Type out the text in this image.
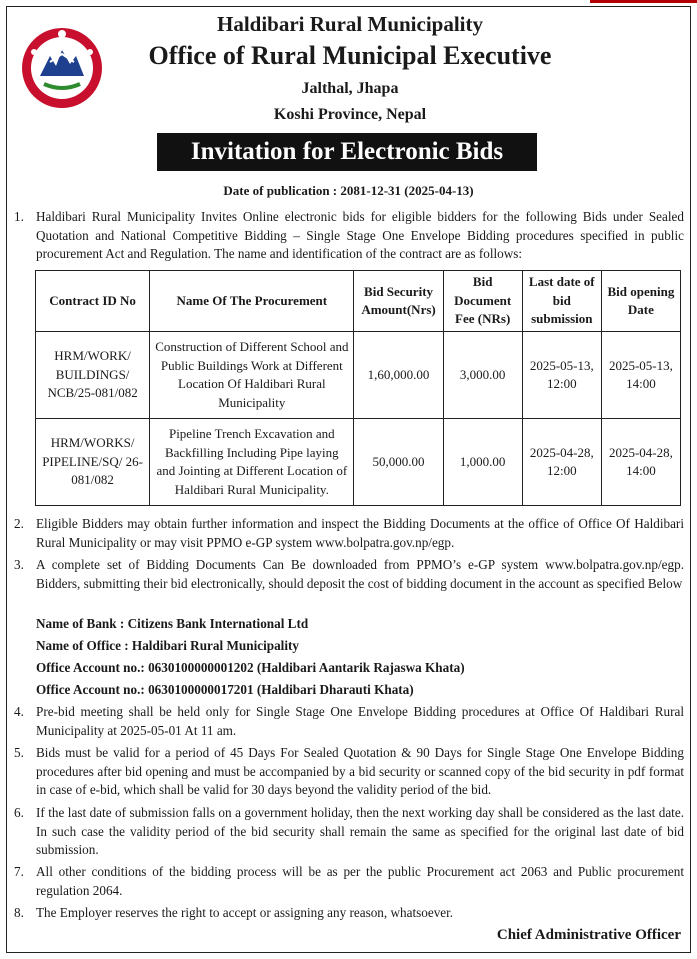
Haldibari Rural Municipality
Office of Rural Municipal Executive
Jalthal, Jhapa
Koshi Province, Nepal
Invitation for Electronic Bids
Date of publication : 2081-12-31 (2025-04-13)
1. Haldibari Rural Municipality Invites Online electronic bids for eligible bidders for the following Bids under Sealed Quotation and National Competitive Bidding – Single Stage One Envelope Bidding procedures specified in public procurement Act and Regulation. The name and identification of the contract are as follows:
Contract ID No	Name Of The Procurement	Bid Security Amount(Nrs)	Bid Document Fee (NRs)	Last date of bid submission	Bid opening Date
HRM/WORK/ BUILDINGS/ NCB/25-081/082	Construction of Different School and Public Buildings Work at Different Location Of Haldibari Rural Municipality	1,60,000.00	3,000.00	2025-05-13, 12:00	2025-05-13, 14:00
HRM/WORKS/ PIPELINE/SQ/ 26-081/082	Pipeline Trench Excavation and Backfilling Including Pipe laying and Jointing at Different Location of Haldibari Rural Municipality.	50,000.00	1,000.00	2025-04-28, 12:00	2025-04-28, 14:00
2. Eligible Bidders may obtain further information and inspect the Bidding Documents at the office of Office Of Haldibari Rural Municipality or may visit PPMO e-GP system www.bolpatra.gov.np/egp.
3. A complete set of Bidding Documents Can Be downloaded from PPMO’s e-GP system www.bolpatra.gov.np/egp. Bidders, submitting their bid electronically, should deposit the cost of bidding document in the account as specified Below
Name of Bank : Citizens Bank International Ltd
Name of Office : Haldibari Rural Municipality
Office Account no.: 0630100000001202 (Haldibari Aantarik Rajaswa Khata)
Office Account no.: 0630100000017201 (Haldibari Dharauti Khata)
4. Pre-bid meeting shall be held only for Single Stage One Envelope Bidding procedures at Office Of Haldibari Rural Municipality at 2025-05-01 At 11 am.
5. Bids must be valid for a period of 45 Days For Sealed Quotation & 90 Days for Single Stage One Envelope Bidding procedures after bid opening and must be accompanied by a bid security or scanned copy of the bid security in pdf format in case of e-bid, which shall be valid for 30 days beyond the validity period of the bid.
6. If the last date of submission falls on a government holiday, then the next working day shall be considered as the last date. In such case the validity period of the bid security shall remain the same as specified for the original last date of bid submission.
7. All other conditions of the bidding process will be as per the public Procurement act 2063 and Public procurement regulation 2064.
8. The Employer reserves the right to accept or assigning any reason, whatsoever.
Chief Administrative Officer
